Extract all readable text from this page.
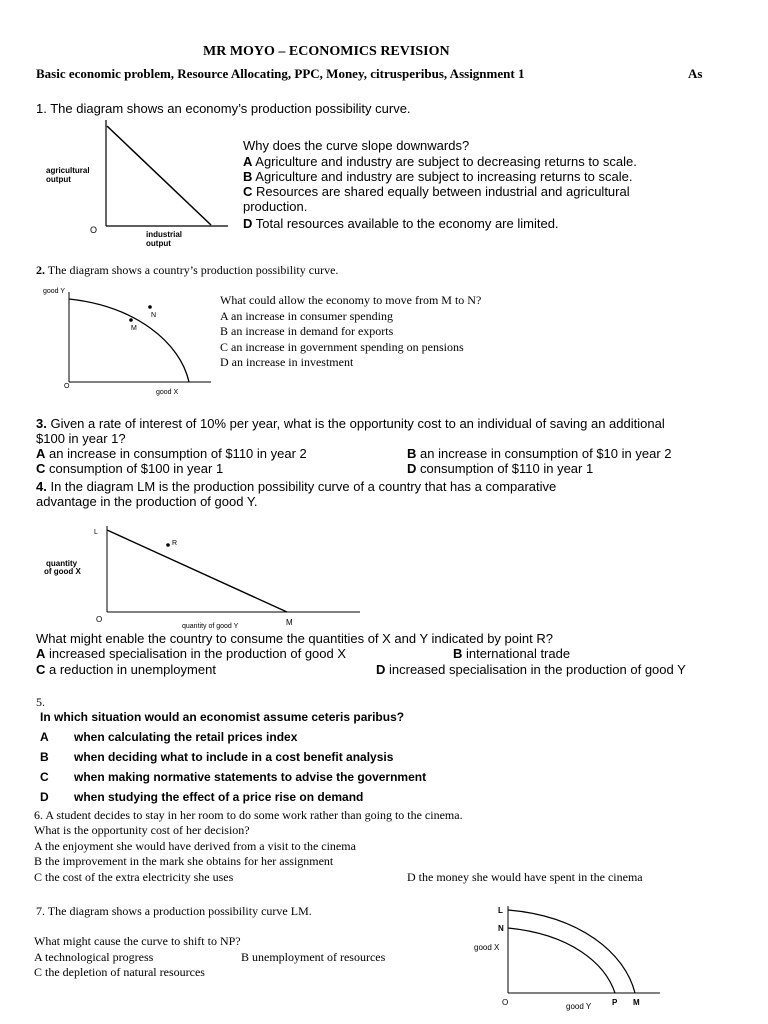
MR MOYO – ECONOMICS REVISION
Basic economic problem, Resource Allocating, PPC, Money, citrusperibus, Assignment 1	As
1. The diagram shows an economy’s production possibility curve.
agricultural
output
O	industrial
output
Why does the curve slope downwards?
A Agriculture and industry are subject to decreasing returns to scale.
B Agriculture and industry are subject to increasing returns to scale.
C Resources are shared equally between industrial and agricultural
production.
D Total resources available to the economy are limited.
2. The diagram shows a country’s production possibility curve.
good Y
O
good X
M
N
What could allow the economy to move from M to N?
A an increase in consumer spending
B an increase in demand for exports
C an increase in government spending on pensions
D an increase in investment
3. Given a rate of interest of 10% per year, what is the opportunity cost to an individual of saving an additional
$100 in year 1?
A an increase in consumption of $110 in year 2	B an increase in consumption of $10 in year 2
C consumption of $100 in year 1	D consumption of $110 in year 1
4. In the diagram LM is the production possibility curve of a country that has a comparative
advantage in the production of good Y.
L
R
quantity
of good X
O
quantity of good Y	M
What might enable the country to consume the quantities of X and Y indicated by point R?
A increased specialisation in the production of good X	B international trade
C a reduction in unemployment	D increased specialisation in the production of good Y
5.
In which situation would an economist assume ceteris paribus?
A when calculating the retail prices index
B when deciding what to include in a cost benefit analysis
C when making normative statements to advise the government
D when studying the effect of a price rise on demand
6. A student decides to stay in her room to do some work rather than going to the cinema.
What is the opportunity cost of her decision?
A the enjoyment she would have derived from a visit to the cinema
B the improvement in the mark she obtains for her assignment
C the cost of the extra electricity she uses	D the money she would have spent in the cinema
7. The diagram shows a production possibility curve LM.
What might cause the curve to shift to NP?
A technological progress	B unemployment of resources
C the depletion of natural resources
L
N
good X
O	good Y	P M
